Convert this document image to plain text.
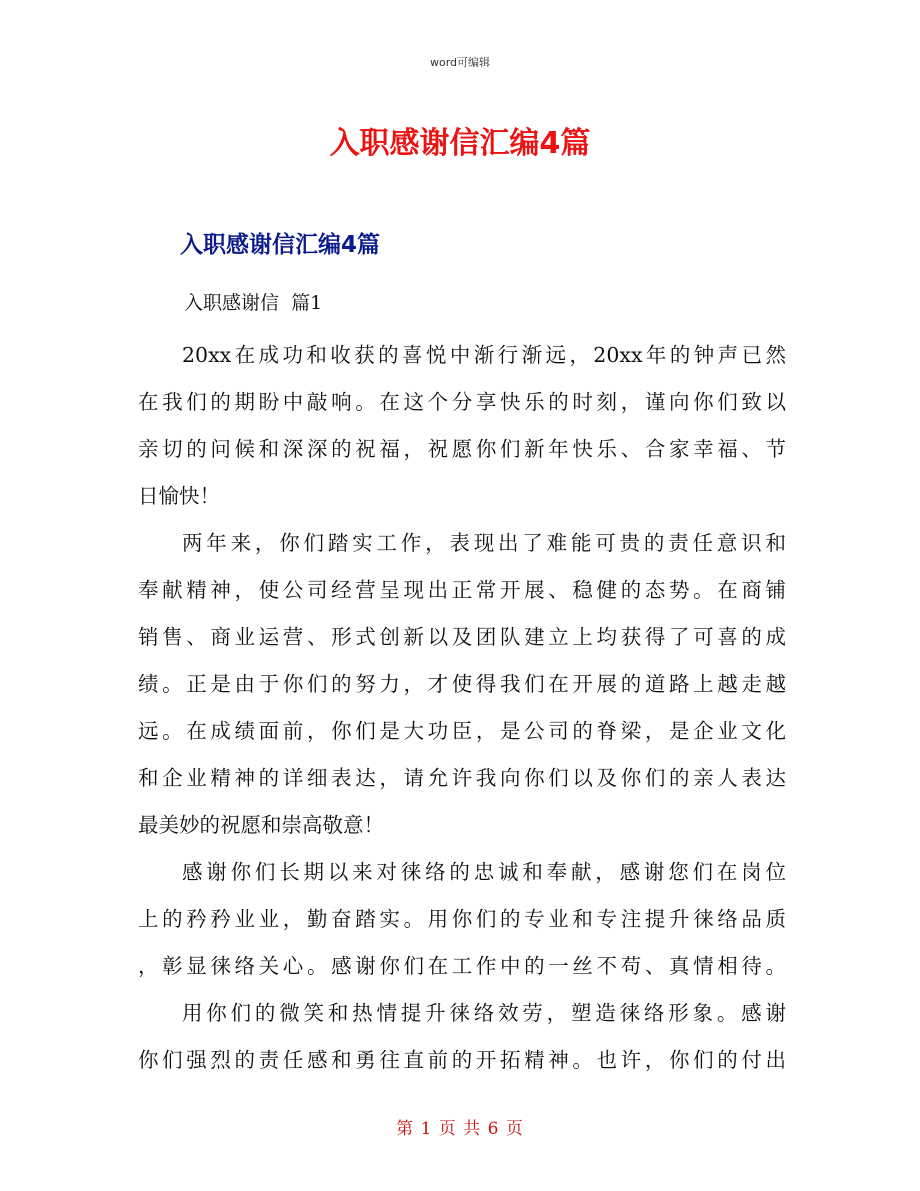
word可编辑
入职感谢信汇编4篇
入职感谢信汇编4篇
入职感谢信  篇1
20xx在成功和收获的喜悦中渐行渐远，20xx年的钟声已然
在我们的期盼中敲响。在这个分享快乐的时刻，谨向你们致以
亲切的问候和深深的祝福，祝愿你们新年快乐、合家幸福、节
日愉快！
两年来，你们踏实工作，表现出了难能可贵的责任意识和
奉献精神，使公司经营呈现出正常开展、稳健的态势。在商铺
销售、商业运营、形式创新以及团队建立上均获得了可喜的成
绩。正是由于你们的努力，才使得我们在开展的道路上越走越
远。在成绩面前，你们是大功臣，是公司的脊梁，是企业文化
和企业精神的详细表达，请允许我向你们以及你们的亲人表达
最美妙的祝愿和崇高敬意！
感谢你们长期以来对徕络的忠诚和奉献，感谢您们在岗位
上的矜矜业业，勤奋踏实。用你们的专业和专注提升徕络品质
，彰显徕络关心。感谢你们在工作中的一丝不苟、真情相待。
用你们的微笑和热情提升徕络效劳，塑造徕络形象。感谢
你们强烈的责任感和勇往直前的开拓精神。也许，你们的付出
第 1 页 共 6 页
